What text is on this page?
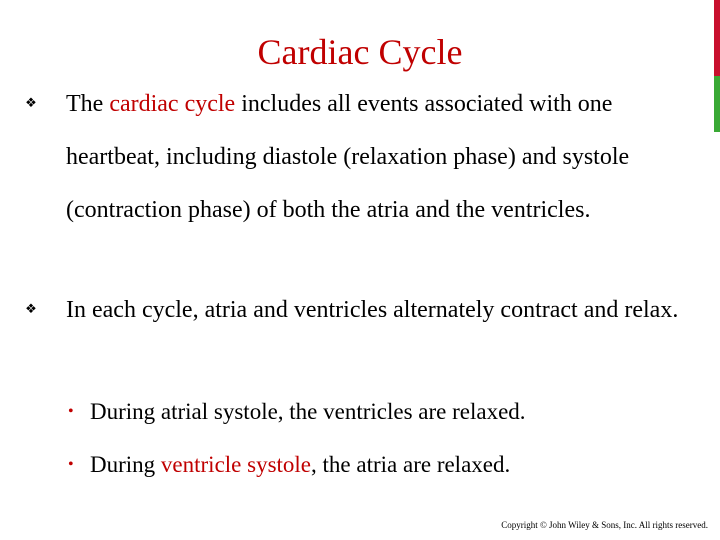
Cardiac Cycle
❖ The cardiac cycle includes all events associated with one heartbeat, including diastole (relaxation phase) and systole (contraction phase) of both the atria and the ventricles.
❖ In each cycle, atria and ventricles alternately contract and relax.
• During atrial systole, the ventricles are relaxed.
• During ventricle systole, the atria are relaxed.
Copyright © John Wiley & Sons, Inc. All rights reserved.
